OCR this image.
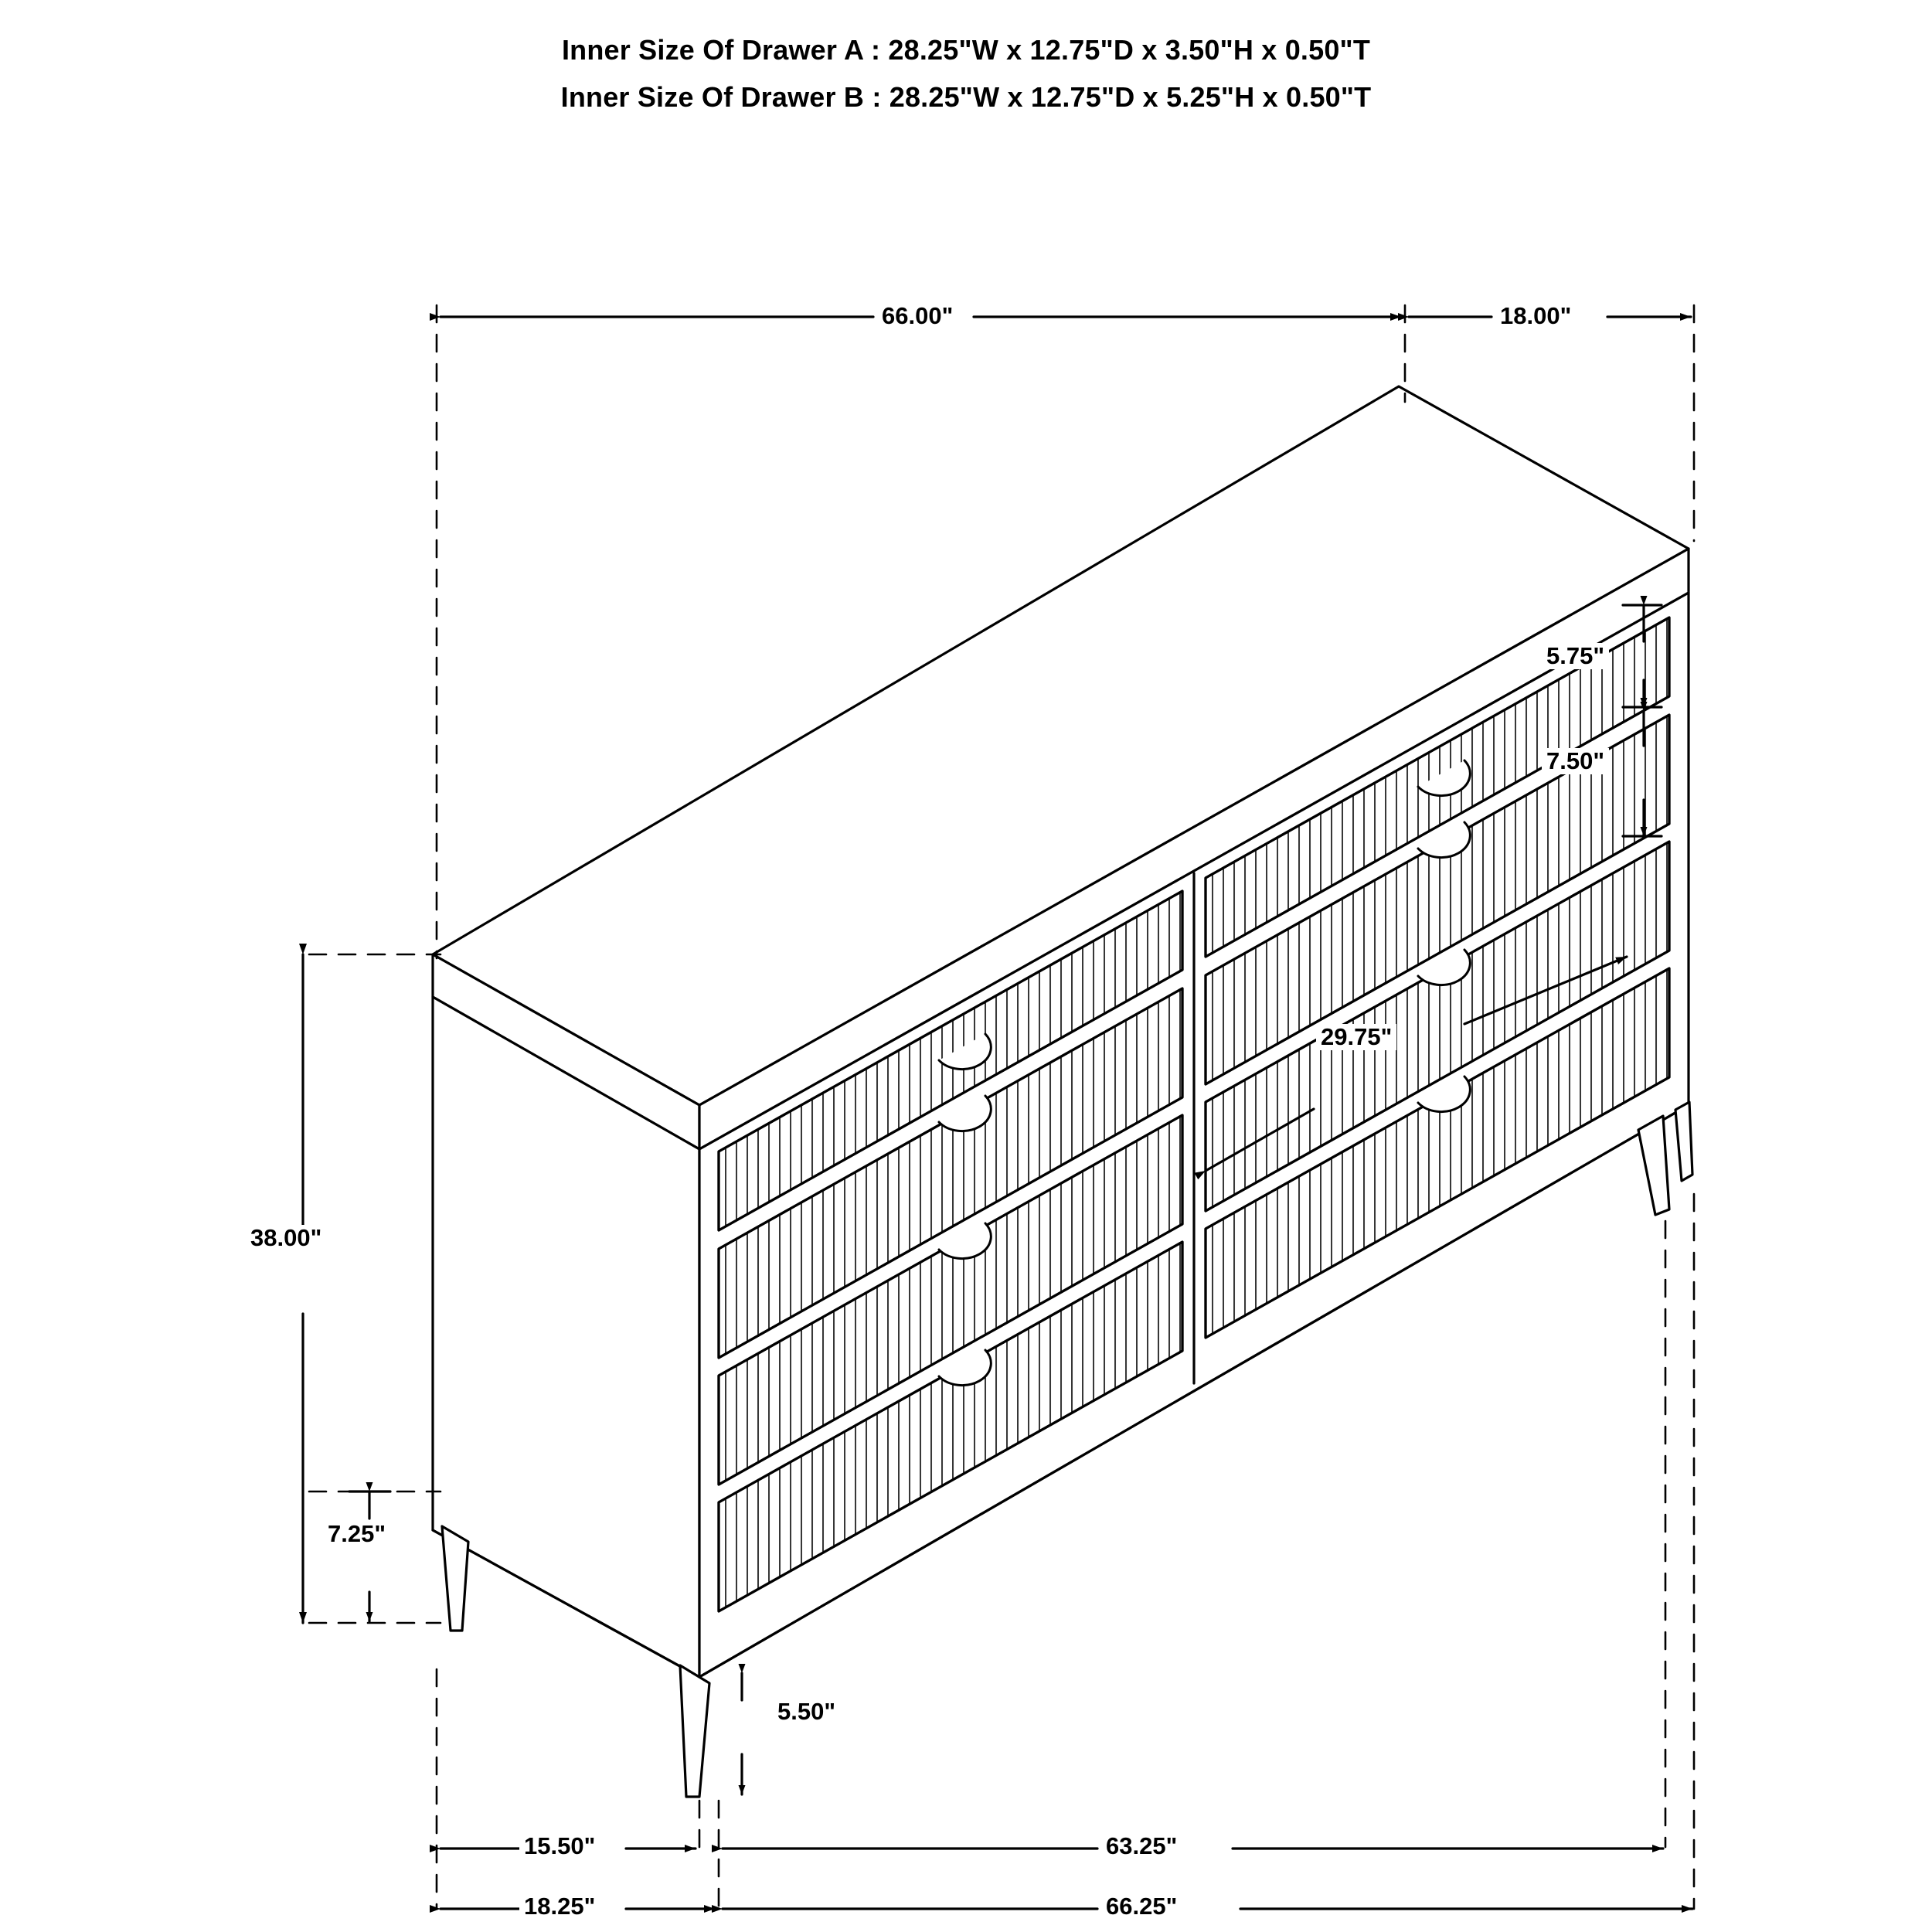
Inner Size Of Drawer A : 28.25"W x 12.75"D x 3.50"H x 0.50"T
Inner Size Of Drawer B : 28.25"W x 12.75"D x 5.25"H x 0.50"T
66.00"	18.00"
5.75"
7.50"
29.75"
38.00"
7.25"
5.50"
15.50"	63.25"
18.25"	66.25"
